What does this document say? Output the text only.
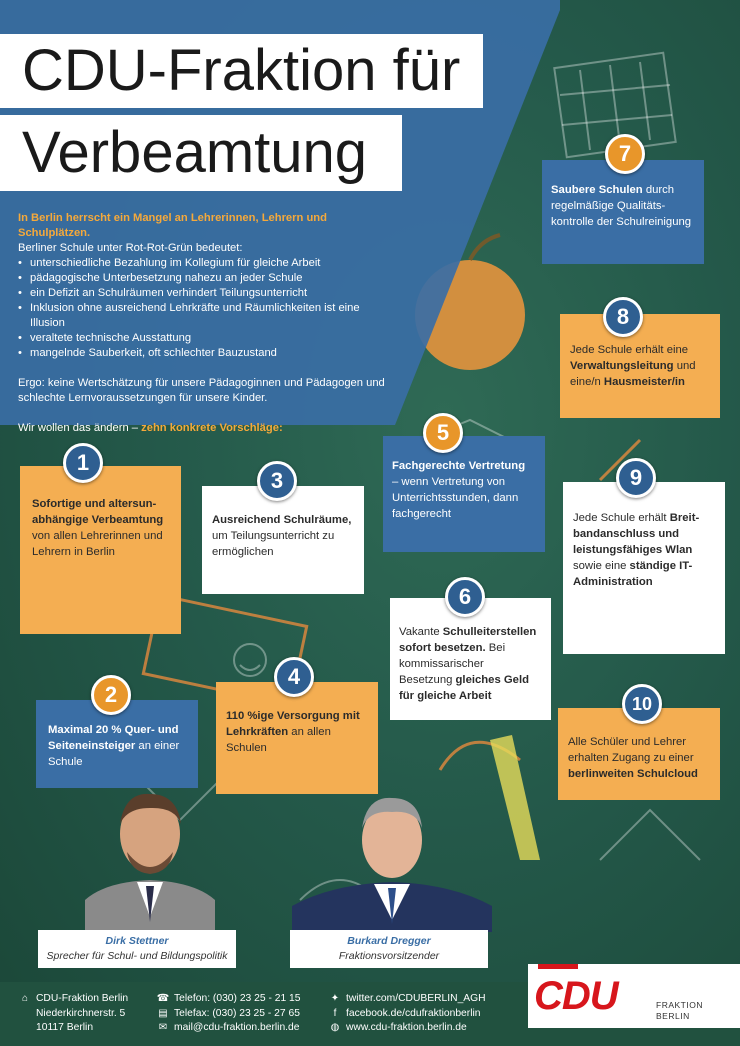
CDU-Fraktion für
Verbeamtung

In Berlin herrscht ein Mangel an Lehrerinnen, Lehrern und Schulplätzen.

Berliner Schule unter Rot-Rot-Grün bedeutet:

• unterschiedliche Bezahlung im Kollegium für gleiche Arbeit
• pädagogische Unterbesetzung nahezu an jeder Schule
• ein Defizit an Schulräumen verhindert Teilungsunterricht
• Inklusion ohne ausreichend Lehrkräfte und Räumlichkeiten ist eine Illusion
• veraltete technische Ausstattung
• mangelnde Sauberkeit, oft schlechter Bauzustand

Ergo: keine Wertschätzung für unsere Pädagoginnen und Pädagogen und schlechte Lernvoraussetzungen für unsere Kinder.

Wir wollen das ändern – zehn konkrete Vorschläge:

Sofortige und altersun-abhängige Verbeamtung von allen Lehrerinnen und Lehrern in Berlin
1
Maximal 20 % Quer- und Seiteneinsteiger an einer Schule
2
Ausreichend Schulräume, um Teilungsunterricht zu ermöglichen
3
110 %ige Versorgung mit Lehrkräften an allen Schulen
4
Fachgerechte Vertretung – wenn Vertretung von Unterrichtsstunden, dann fachgerecht
5
Vakante Schulleiterstellen sofort besetzen. Bei kommissarischer Besetzung gleiches Geld für gleiche Arbeit
6
Saubere Schulen durch regelmäßige Qualitäts-kontrolle der Schulreinigung
7
Jede Schule erhält eine Verwaltungsleitung und eine/n Hausmeister/in
8
Jede Schule erhält Breit-bandanschluss und leistungsfähiges Wlan sowie eine ständige IT-Administration
9
Alle Schüler und Lehrer erhalten Zugang zu einer berlinweiten Schulcloud
10
Dirk Stettner
Sprecher für Schul- und Bildungspolitik
Burkard Dregger
Fraktionsvorsitzender
⌂ CDU-Fraktion Berlin
Niederkirchnerstr. 5
10117 Berlin
☎ Telefon: (030) 23 25 - 21 15
▤ Telefax: (030) 23 25 - 27 65
✉ mail@cdu-fraktion.berlin.de
✦ twitter.com/CDUBERLIN_AGH
f facebook.de/cdufraktionberlin
◍ www.cdu-fraktion.berlin.de
CDU	FRAKTION
BERLIN
